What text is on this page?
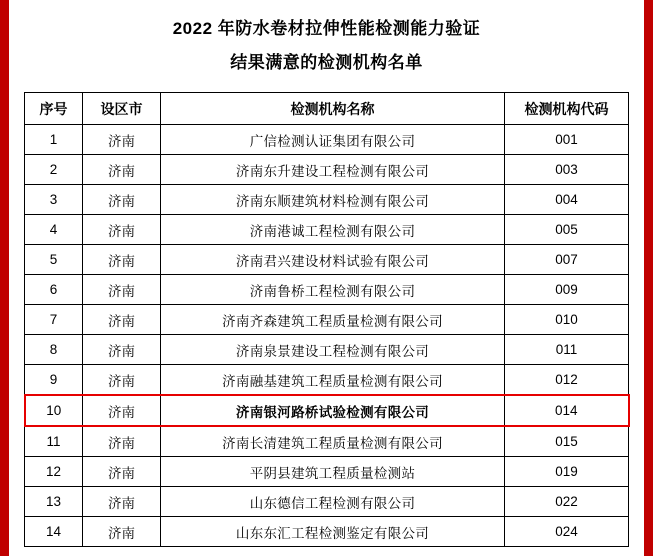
2022 年防水卷材拉伸性能检测能力验证
结果满意的检测机构名单
序号	设区市	检测机构名称	检测机构代码
1	济南	广信检测认证集团有限公司	001
2	济南	济南东升建设工程检测有限公司	003
3	济南	济南东顺建筑材料检测有限公司	004
4	济南	济南港诚工程检测有限公司	005
5	济南	济南君兴建设材料试验有限公司	007
6	济南	济南鲁桥工程检测有限公司	009
7	济南	济南齐森建筑工程质量检测有限公司	010
8	济南	济南泉景建设工程检测有限公司	011
9	济南	济南融基建筑工程质量检测有限公司	012
10	济南	济南银河路桥试验检测有限公司	014
11	济南	济南长清建筑工程质量检测有限公司	015
12	济南	平阴县建筑工程质量检测站	019
13	济南	山东德信工程检测有限公司	022
14	济南	山东东汇工程检测鉴定有限公司	024
